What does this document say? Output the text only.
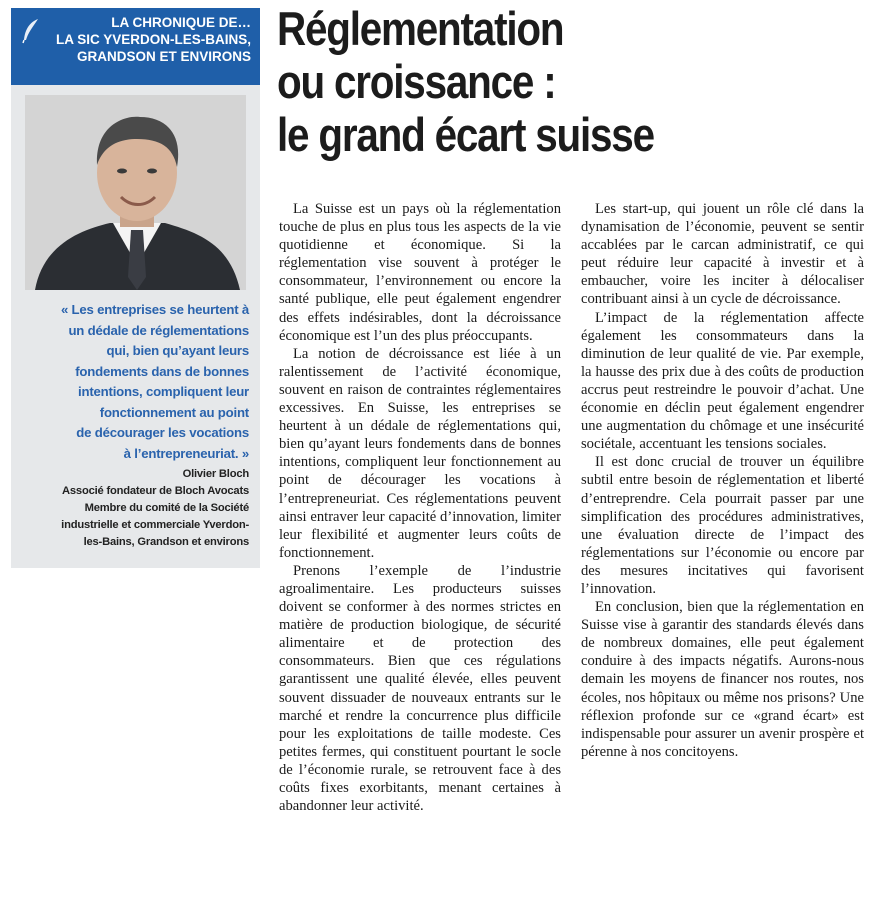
LA CHRONIQUE DE…
LA SIC YVERDON-LES-BAINS,
GRANDSON ET ENVIRONS
« Les entreprises se heurtent à
un dédale de réglementations
qui, bien qu’ayant leurs
fondements dans de bonnes
intentions, compliquent leur
fonctionnement au point
de décourager les vocations
à l’entrepreneuriat. »
Olivier Bloch
Associé fondateur de Bloch Avocats
Membre du comité de la Société
industrielle et commerciale Yverdon-
les-Bains, Grandson et environs
Réglementation
ou croissance :
le grand écart suisse

La Suisse est un pays où la réglementation touche de plus en plus tous les aspects de la vie quotidienne et économique. Si la réglementation vise souvent à protéger le consommateur, l’environnement ou encore la santé publique, elle peut également engendrer des effets indésirables, dont la décroissance économique est l’un des plus préoccupants.

La notion de décroissance est liée à un ralentissement de l’activité économique, souvent en raison de contraintes réglementaires excessives. En Suisse, les entreprises se heurtent à un dédale de réglementations qui, bien qu’ayant leurs fondements dans de bonnes intentions, compliquent leur fonctionnement au point de décourager les vocations à l’entrepreneuriat. Ces réglementations peuvent ainsi entraver leur capacité d’innovation, limiter leur flexibilité et augmenter leurs coûts de fonctionnement.

Prenons l’exemple de l’industrie agroalimentaire. Les producteurs suisses doivent se conformer à des normes strictes en matière de production biologique, de sécurité alimentaire et de protection des consommateurs. Bien que ces régulations garantissent une qualité élevée, elles peuvent souvent dissuader de nouveaux entrants sur le marché et rendre la concurrence plus difficile pour les exploitations de taille modeste. Ces petites fermes, qui constituent pourtant le socle de l’économie rurale, se retrouvent face à des coûts fixes exorbitants, menant certaines à abandonner leur activité.

Les start-up, qui jouent un rôle clé dans la dynamisation de l’économie, peuvent se sentir accablées par le carcan administratif, ce qui peut réduire leur capacité à investir et à embaucher, voire les inciter à délocaliser contribuant ainsi à un cycle de décroissance.

L’impact de la réglementation affecte également les consommateurs dans la diminution de leur qualité de vie. Par exemple, la hausse des prix due à des coûts de production accrus peut restreindre le pouvoir d’achat. Une économie en déclin peut également engendrer une augmentation du chômage et une insécurité sociétale, accentuant les tensions sociales.

Il est donc crucial de trouver un équilibre subtil entre besoin de réglementation et liberté d’entreprendre. Cela pourrait passer par une simplification des procédures administratives, une évaluation directe de l’impact des réglementations sur l’économie ou encore par des mesures incitatives qui favorisent l’innovation.

En conclusion, bien que la réglementation en Suisse vise à garantir des standards élevés dans de nombreux domaines, elle peut également conduire à des impacts négatifs. Aurons-nous demain les moyens de financer nos routes, nos écoles, nos hôpitaux ou même nos prisons? Une réflexion profonde sur ce «grand écart» est indispensable pour assurer un avenir prospère et pérenne à nos concitoyens.
